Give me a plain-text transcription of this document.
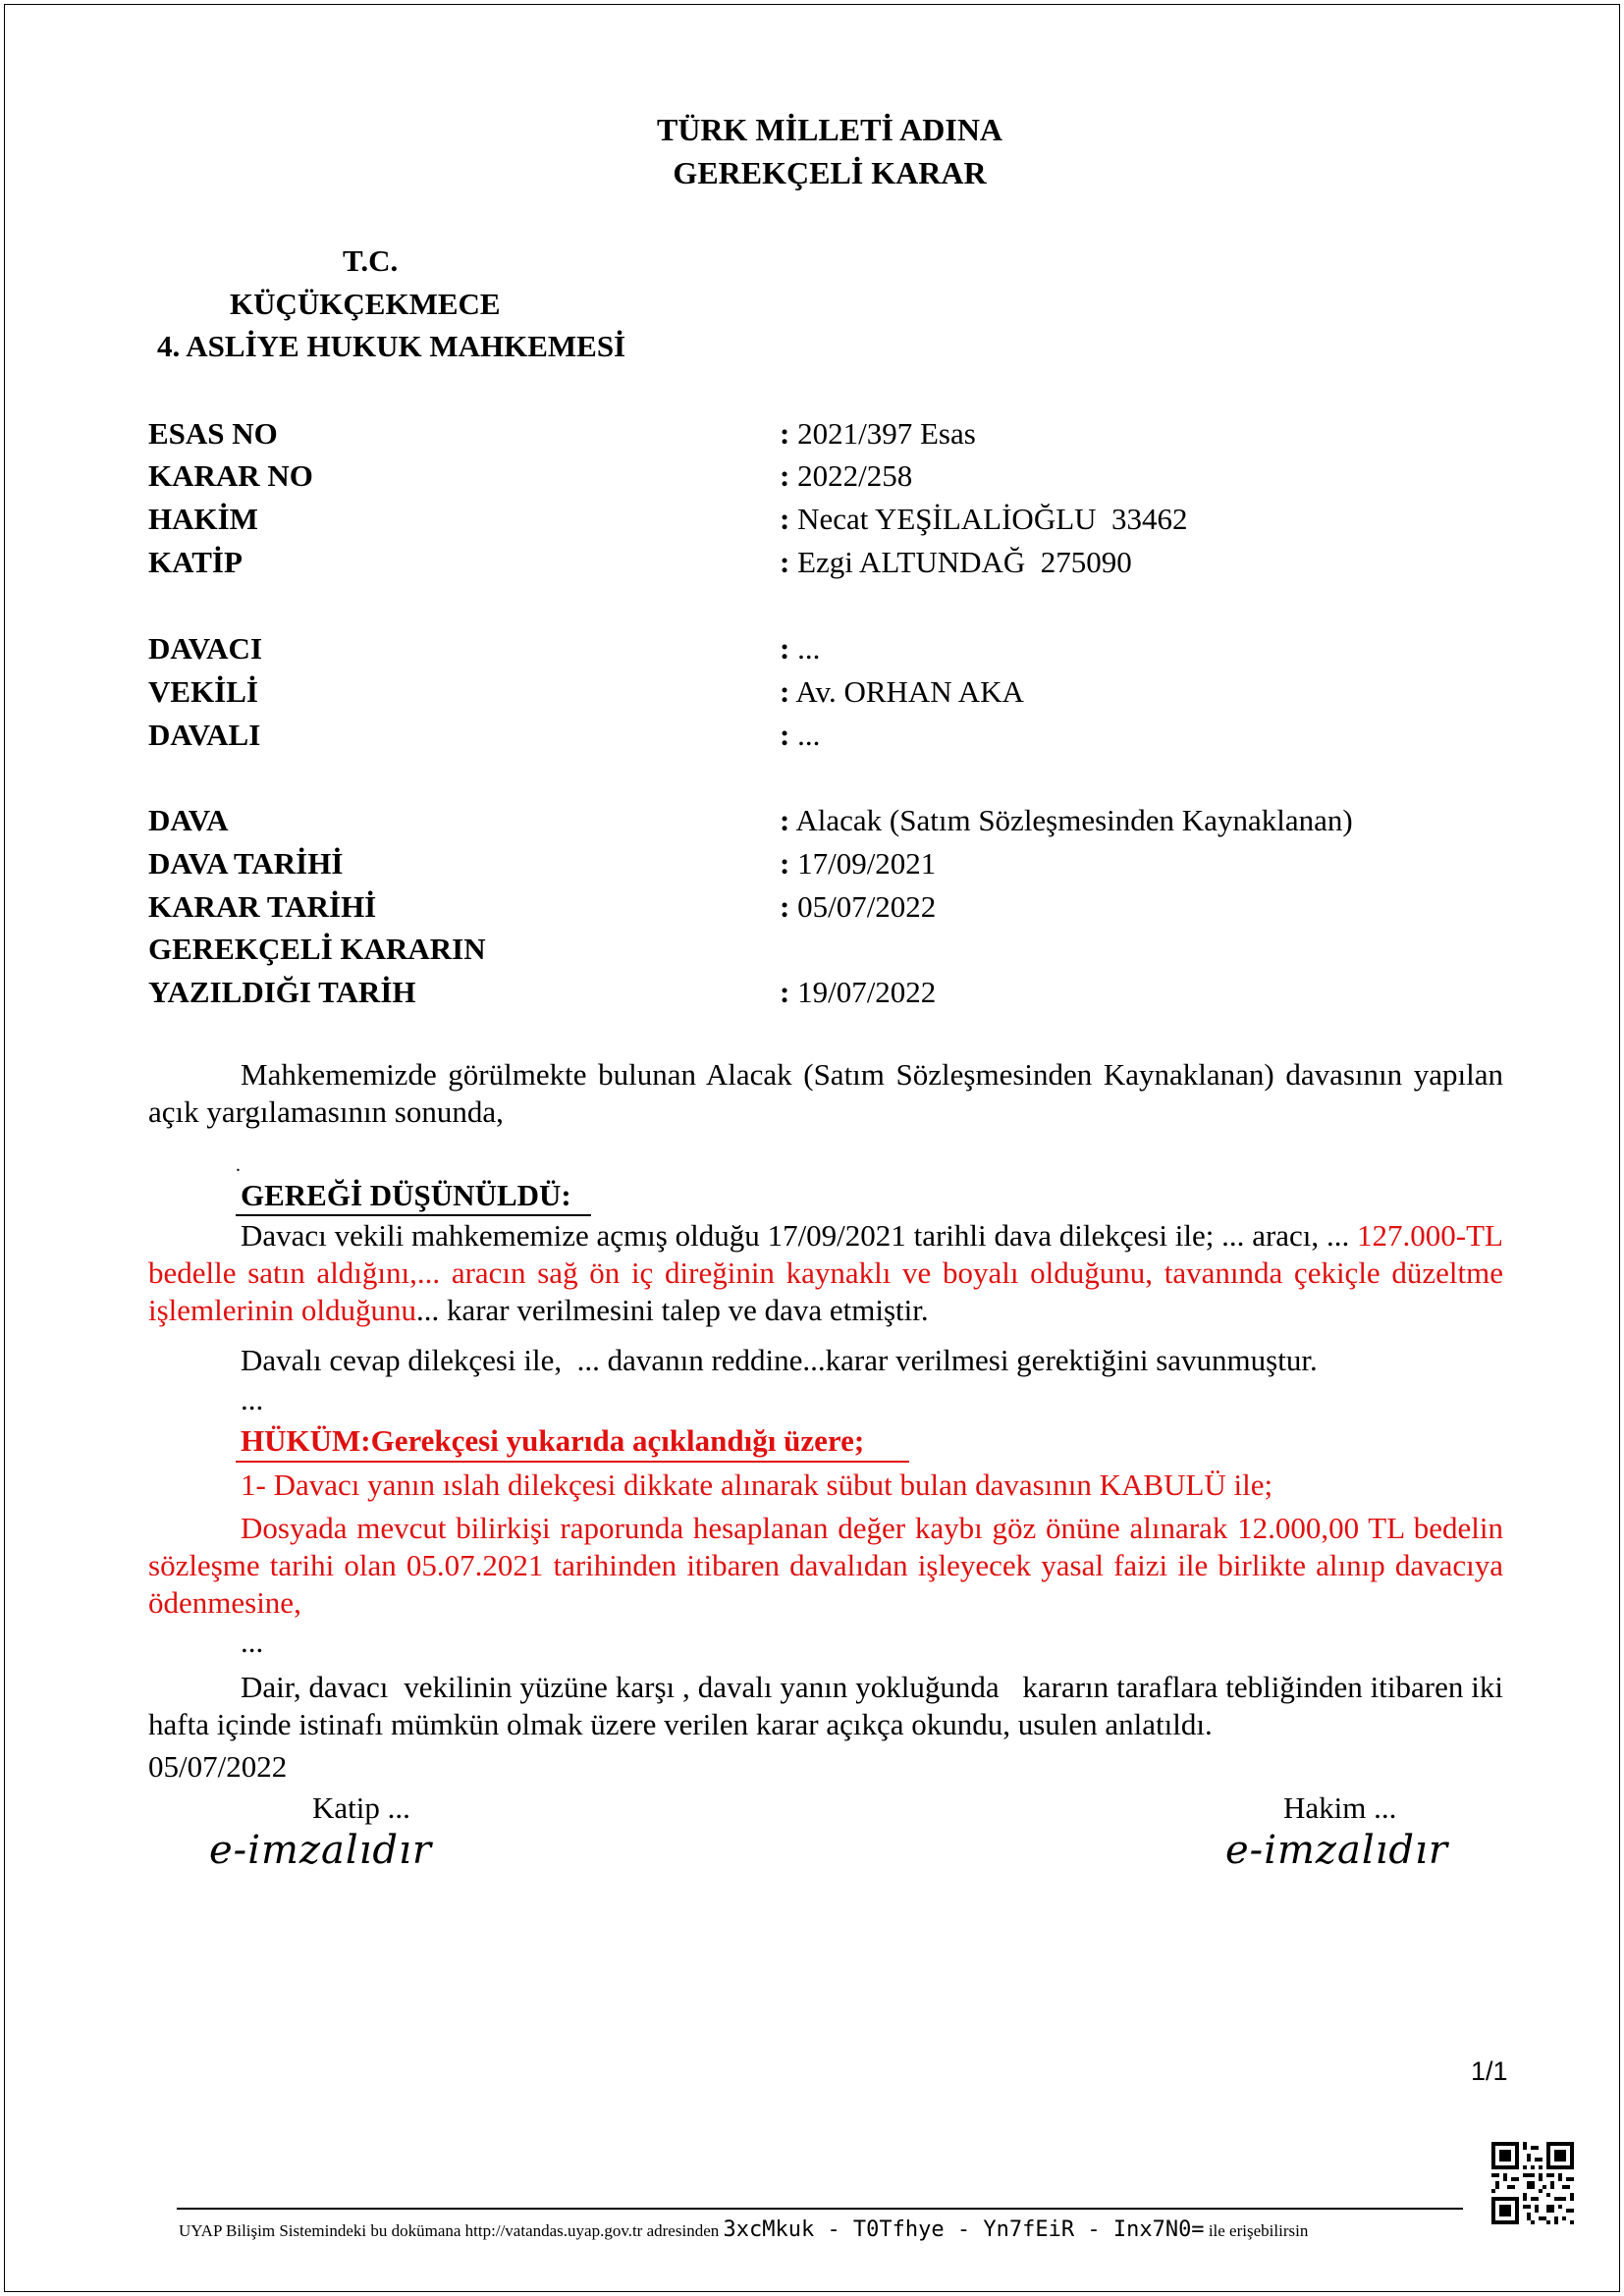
TÜRK MİLLETİ ADINA
GEREKÇELİ KARAR
T.C.
KÜÇÜKÇEKMECE
4. ASLİYE HUKUK MAHKEMESİ
ESAS NO	: 2021/397 Esas
KARAR NO	: 2022/258
HAKİM	: Necat YEŞİLALİOĞLU  33462
KATİP	: Ezgi ALTUNDAĞ  275090
DAVACI	: ...
VEKİLİ	: Av. ORHAN AKA
DAVALI	: ...
DAVA	: Alacak (Satım Sözleşmesinden Kaynaklanan)
DAVA TARİHİ	: 17/09/2021
KARAR TARİHİ	: 05/07/2022
GEREKÇELİ KARARIN
YAZILDIĞI TARİH	: 19/07/2022
Mahkememizde görülmekte bulunan Alacak (Satım Sözleşmesinden Kaynaklanan) davasının yapılan açık yargılamasının sonunda,
.
GEREĞİ DÜŞÜNÜLDÜ:
Davacı vekili mahkememize açmış olduğu 17/09/2021 tarihli dava dilekçesi ile; ... aracı, ... 127.000-TL bedelle satın aldığını,... aracın sağ ön iç direğinin kaynaklı ve boyalı olduğunu, tavanında çekiçle düzeltme işlemlerinin olduğunu... karar verilmesini talep ve dava etmiştir.
Davalı cevap dilekçesi ile,  ... davanın reddine...karar verilmesi gerektiğini savunmuştur.
...
HÜKÜM:Gerekçesi yukarıda açıklandığı üzere;
1- Davacı yanın ıslah dilekçesi dikkate alınarak sübut bulan davasının KABULÜ ile;
Dosyada mevcut bilirkişi raporunda hesaplanan değer kaybı göz önüne alınarak 12.000,00 TL bedelin sözleşme tarihi olan 05.07.2021 tarihinden itibaren davalıdan işleyecek yasal faizi ile birlikte alınıp davacıya ödenmesine,
...
Dair, davacı  vekilinin yüzüne karşı , davalı yanın yokluğunda   kararın taraflara tebliğinden itibaren iki hafta içinde istinafı mümkün olmak üzere verilen karar açıkça okundu, usulen anlatıldı.
05/07/2022
Katip ...	Hakim ...
e-imzalıdır	e-imzalıdır
1/1
UYAP Bilişim Sistemindeki bu dokümana http://vatandas.uyap.gov.tr adresinden 3xcMkuk - T0Tfhye - Yn7fEiR - Inx7N0= ile erişebilirsin
